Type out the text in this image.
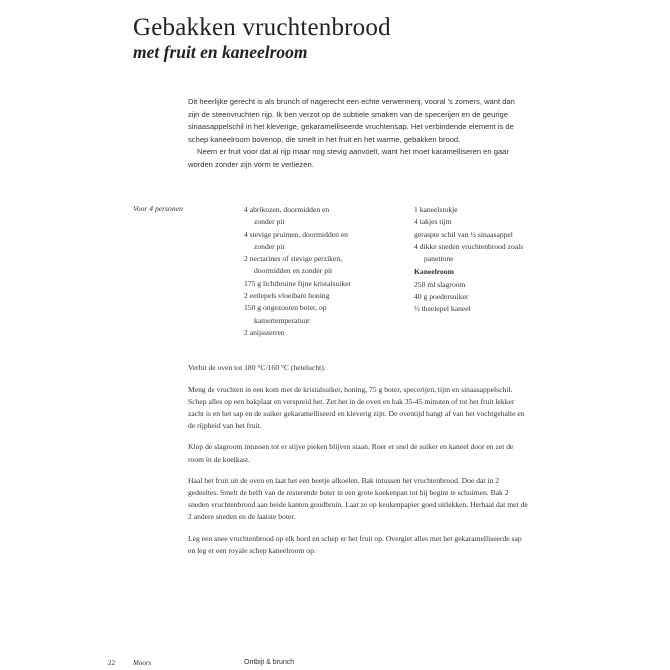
Gebakken vruchtenbrood
met fruit en kaneelroom

Dit heerlijke gerecht is als brunch of nagerecht een echte verwennerij, vooral 's zomers, want dan zijn de steenvruchten rijp. Ik ben verzot op de subtiele smaken van de specerijen en de geurige sinaasappelschil in het kleverige, gekaramelliseerde vruchtensap. Het verbindende element is de schep kaneelroom bovenop, die smelt in het fruit en het warme, gebakken brood.

Neem er fruit voor dat al rijp maar nog stevig aanvoelt, want het moet karamelliseren en gaar worden zonder zijn vorm te verliezen.

Voor 4 personen	4 abrikozen, doormidden en
zonder pit
4 stevige pruimen, doormidden en
zonder pit
2 nectarines of stevige perziken,
doormidden en zonder pit
175 g lichtbruine fijne kristalsuiker
2 eetlepels vloeibare honing
150 g ongezouten boter, op
kamertemperatuur
2 anijssterren
1 kaneelstokje
4 takjes tijm
geraspte schil van ½ sinaasappel
4 dikke sneden vruchtenbrood zoals
panettone
Kaneelroom
250 ml slagroom
40 g poedersuiker
½ theelepel kaneel

Verhit de oven tot 180 °C/160 °C (hetelucht).

Meng de vruchten in een kom met de kristalsuiker, honing, 75 g boter, specerijen, tijm en sinaasappelschil. Schep alles op een bakplaat en verspreid het. Zet het in de oven en bak 35-45 minuten of tot het fruit lekker zacht is en het sap en de suiker gekaramelliseerd en kleverig zijn. De oventijd hangt af van het vochtgehalte en de rijpheid van het fruit.

Klop de slagroom intussen tot er stijve pieken blijven staan. Roer er snel de suiker en kaneel door en zet de room in de koelkast.

Haal het fruit uit de oven en laat het een beetje afkoelen. Bak intussen het vruchtenbrood. Doe dat in 2 gedeeltes. Smelt de helft van de resterende boter in een grote koekenpan tot hij begint te schuimen. Bak 2 sneden vruchtenbrood aan beide kanten goudbruin. Laat ze op keukenpapier goed uitlekken. Herhaal dat met de 2 andere sneden en de laatste boter.

Leg een snee vruchtenbrood op elk bord en schep er het fruit op. Overgiet alles met het gekaramelliseerde sap en leg er een royale schep kaneelroom op.

22	Moors	Ontbijt & brunch
